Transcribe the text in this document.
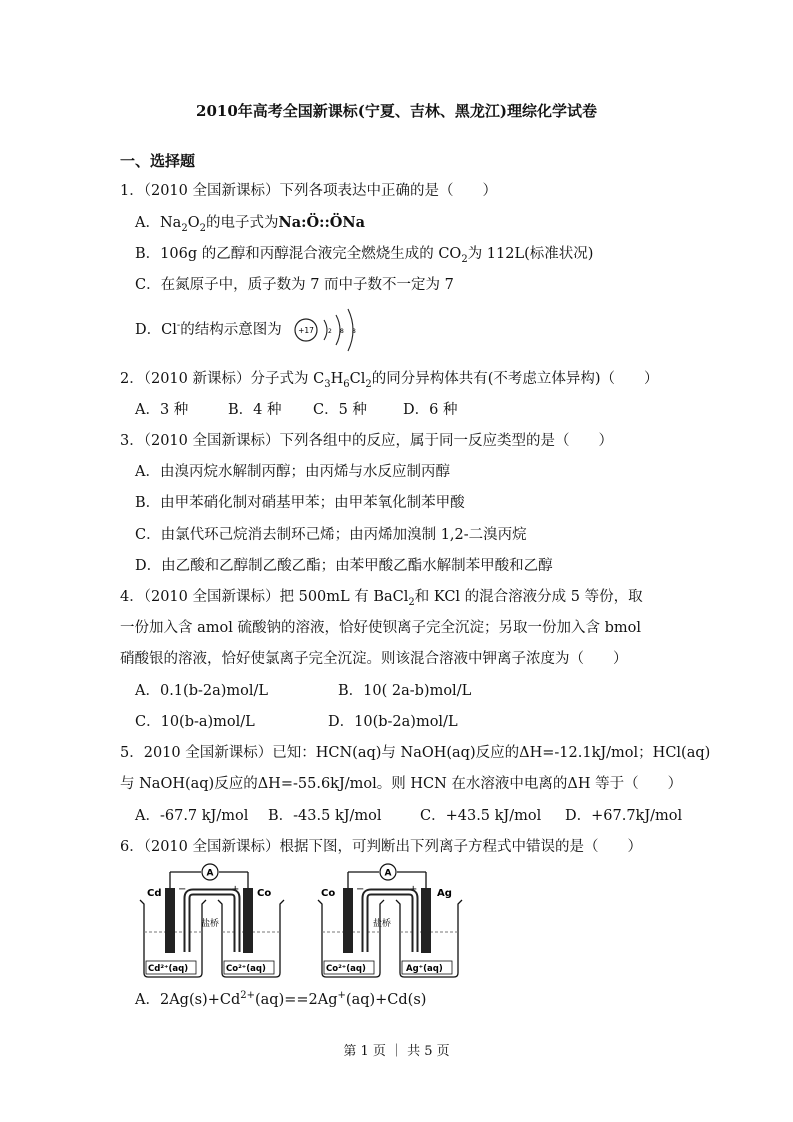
2010年高考全国新课标(宁夏、吉林、黑龙江)理综化学试卷
一、选择题
1．（2010 全国新课标）下列各项表达中正确的是（　　）
A．$Na_2O_2$的电子式为Na:Ö::ÖNa
B．106g 的乙醇和丙醇混合液完全燃烧生成的 $CO_2$为 112L(标准状况)
C．在氮原子中，质子数为 7 而中子数不一定为 7
D．Cl-的结构示意图为 +17 2 8 8
2．（2010 新课标）分子式为 $C_3H_6Cl_2$的同分异构体共有(不考虑立体异构)（　　）
A．3 种	B．4 种 C．5 种 D．6 种
3．（2010 全国新课标）下列各组中的反应，属于同一反应类型的是（　　）
A．由溴丙烷水解制丙醇；由丙烯与水反应制丙醇
B．由甲苯硝化制对硝基甲苯；由甲苯氧化制苯甲酸
C．由氯代环己烷消去制环己烯；由丙烯加溴制 1,2-二溴丙烷
D．由乙酸和乙醇制乙酸乙酯；由苯甲酸乙酯水解制苯甲酸和乙醇
4．（2010 全国新课标）把 500mL 有 BaCl$_2$和 KCl 的混合溶液分成 5 等份，取
一份加入含 amol 硫酸钠的溶液，恰好使钡离子完全沉淀；另取一份加入含 bmol
硝酸银的溶液，恰好使氯离子完全沉淀。则该混合溶液中钾离子浓度为（　　）
A．0.1(b-2a)mol/L	B．10( 2a-b)mol/L
C．10(b-a)mol/L	D．10(b-2a)mol/L
5．2010 全国新课标）已知：HCN(aq)与 NaOH(aq)反应的ΔH=-12.1kJ/mol；HCl(aq)
与 NaOH(aq)反应的ΔH=-55.6kJ/mol。则 HCN 在水溶液中电离的ΔH 等于（　　）
A．-67.7 kJ/mol B．-43.5 kJ/mol	C．+43.5 kJ/mol D．+67.7kJ/mol
6．（2010 全国新课标）根据下图，可判断出下列离子方程式中错误的是（　　）
A
Cd	Co
−	+
盐桥
Cd²⁺(aq)	Co²⁺(aq)
A
Co	Ag
−	+
盐桥
Co²⁺(aq)	Ag⁺(aq)
A．$2Ag(s)+Cd^{2+}(aq)==2Ag^+(aq)+Cd(s)$
第 1 页 ｜ 共 5 页
